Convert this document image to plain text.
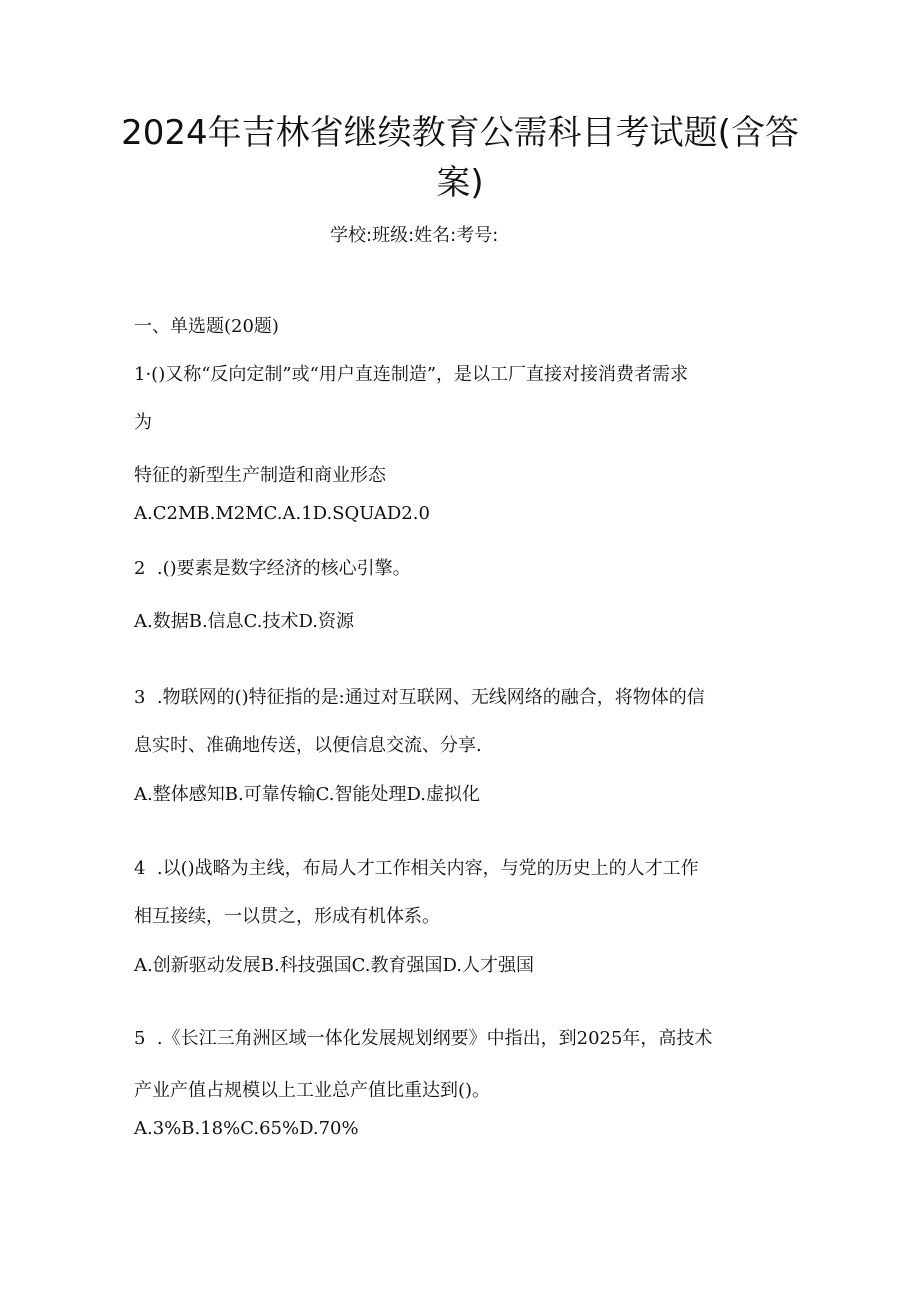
2024年吉林省继续教育公需科目考试题(含答案)
学校:班级:姓名:考号:
一、单选题(20题)
1·()又称“反向定制”或“用户直连制造”，是以工厂直接对接消费者需求
为
特征的新型生产制造和商业形态
A.C2MB.M2MC.A.1D.SQUAD2.0
2  .()要素是数字经济的核心引擎。
A.数据B.信息C.技术D.资源
3  .物联网的()特征指的是:通过对互联网、无线网络的融合，将物体的信
息实时、准确地传送，以便信息交流、分享.
A.整体感知B.可靠传输C.智能处理D.虚拟化
4  .以()战略为主线，布局人才工作相关内容，与党的历史上的人才工作
相互接续，一以贯之，形成有机体系。
A.创新驱动发展B.科技强国C.教育强国D.人才强国
5  .《长江三角洲区域一体化发展规划纲要》中指出，到2025年，高技术
产业产值占规模以上工业总产值比重达到()。
A.3%B.18%C.65%D.70%
